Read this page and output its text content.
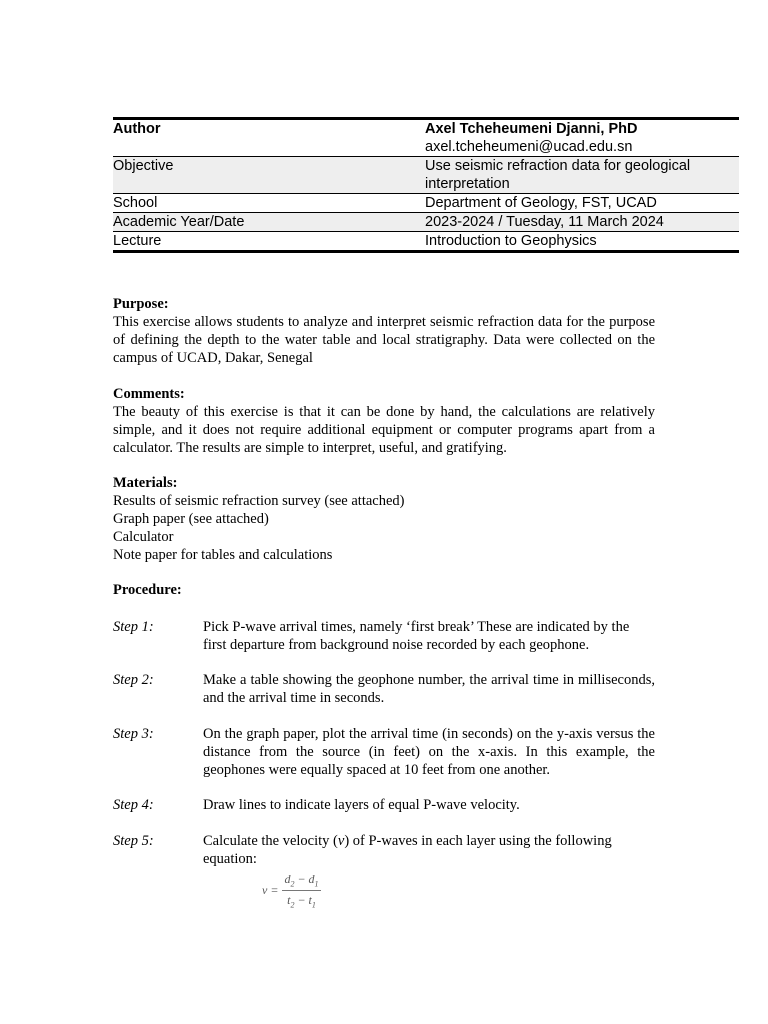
Author	Axel Tcheheumeni Djanni, PhD
axel.tcheheumeni@ucad.edu.sn

Objective	Use seismic refraction data for geological interpretation
School	Department of Geology, FST, UCAD
Academic Year/Date	2023-2024 / Tuesday, 11 March 2024
Lecture	Introduction to Geophysics
Purpose:
This exercise allows students to analyze and interpret seismic refraction data for the purpose of defining the depth to the water table and local stratigraphy. Data were collected on the campus of UCAD, Dakar, Senegal
Comments:
The beauty of this exercise is that it can be done by hand, the calculations are relatively simple, and it does not require additional equipment or computer programs apart from a calculator. The results are simple to interpret, useful, and gratifying.
Materials:
Results of seismic refraction survey (see attached)
Graph paper (see attached)
Calculator
Note paper for tables and calculations
Procedure:
Step 1:	Pick P-wave arrival times, namely ‘first break’ These are indicated by the first departure from background noise recorded by each geophone.
Step 2:	Make a table showing the geophone number, the arrival time in milliseconds, and the arrival time in seconds.
Step 3:	On the graph paper, plot the arrival time (in seconds) on the y-axis versus the distance from the source (in feet) on the x-axis. In this example, the geophones were equally spaced at 10 feet from one another.
Step 4:	Draw lines to indicate layers of equal P-wave velocity.
Step 5:	Calculate the velocity (v) of P-waves in each layer using the following equation:
$v = \frac{d_2 - d_1}{t_2 - t_1}$
